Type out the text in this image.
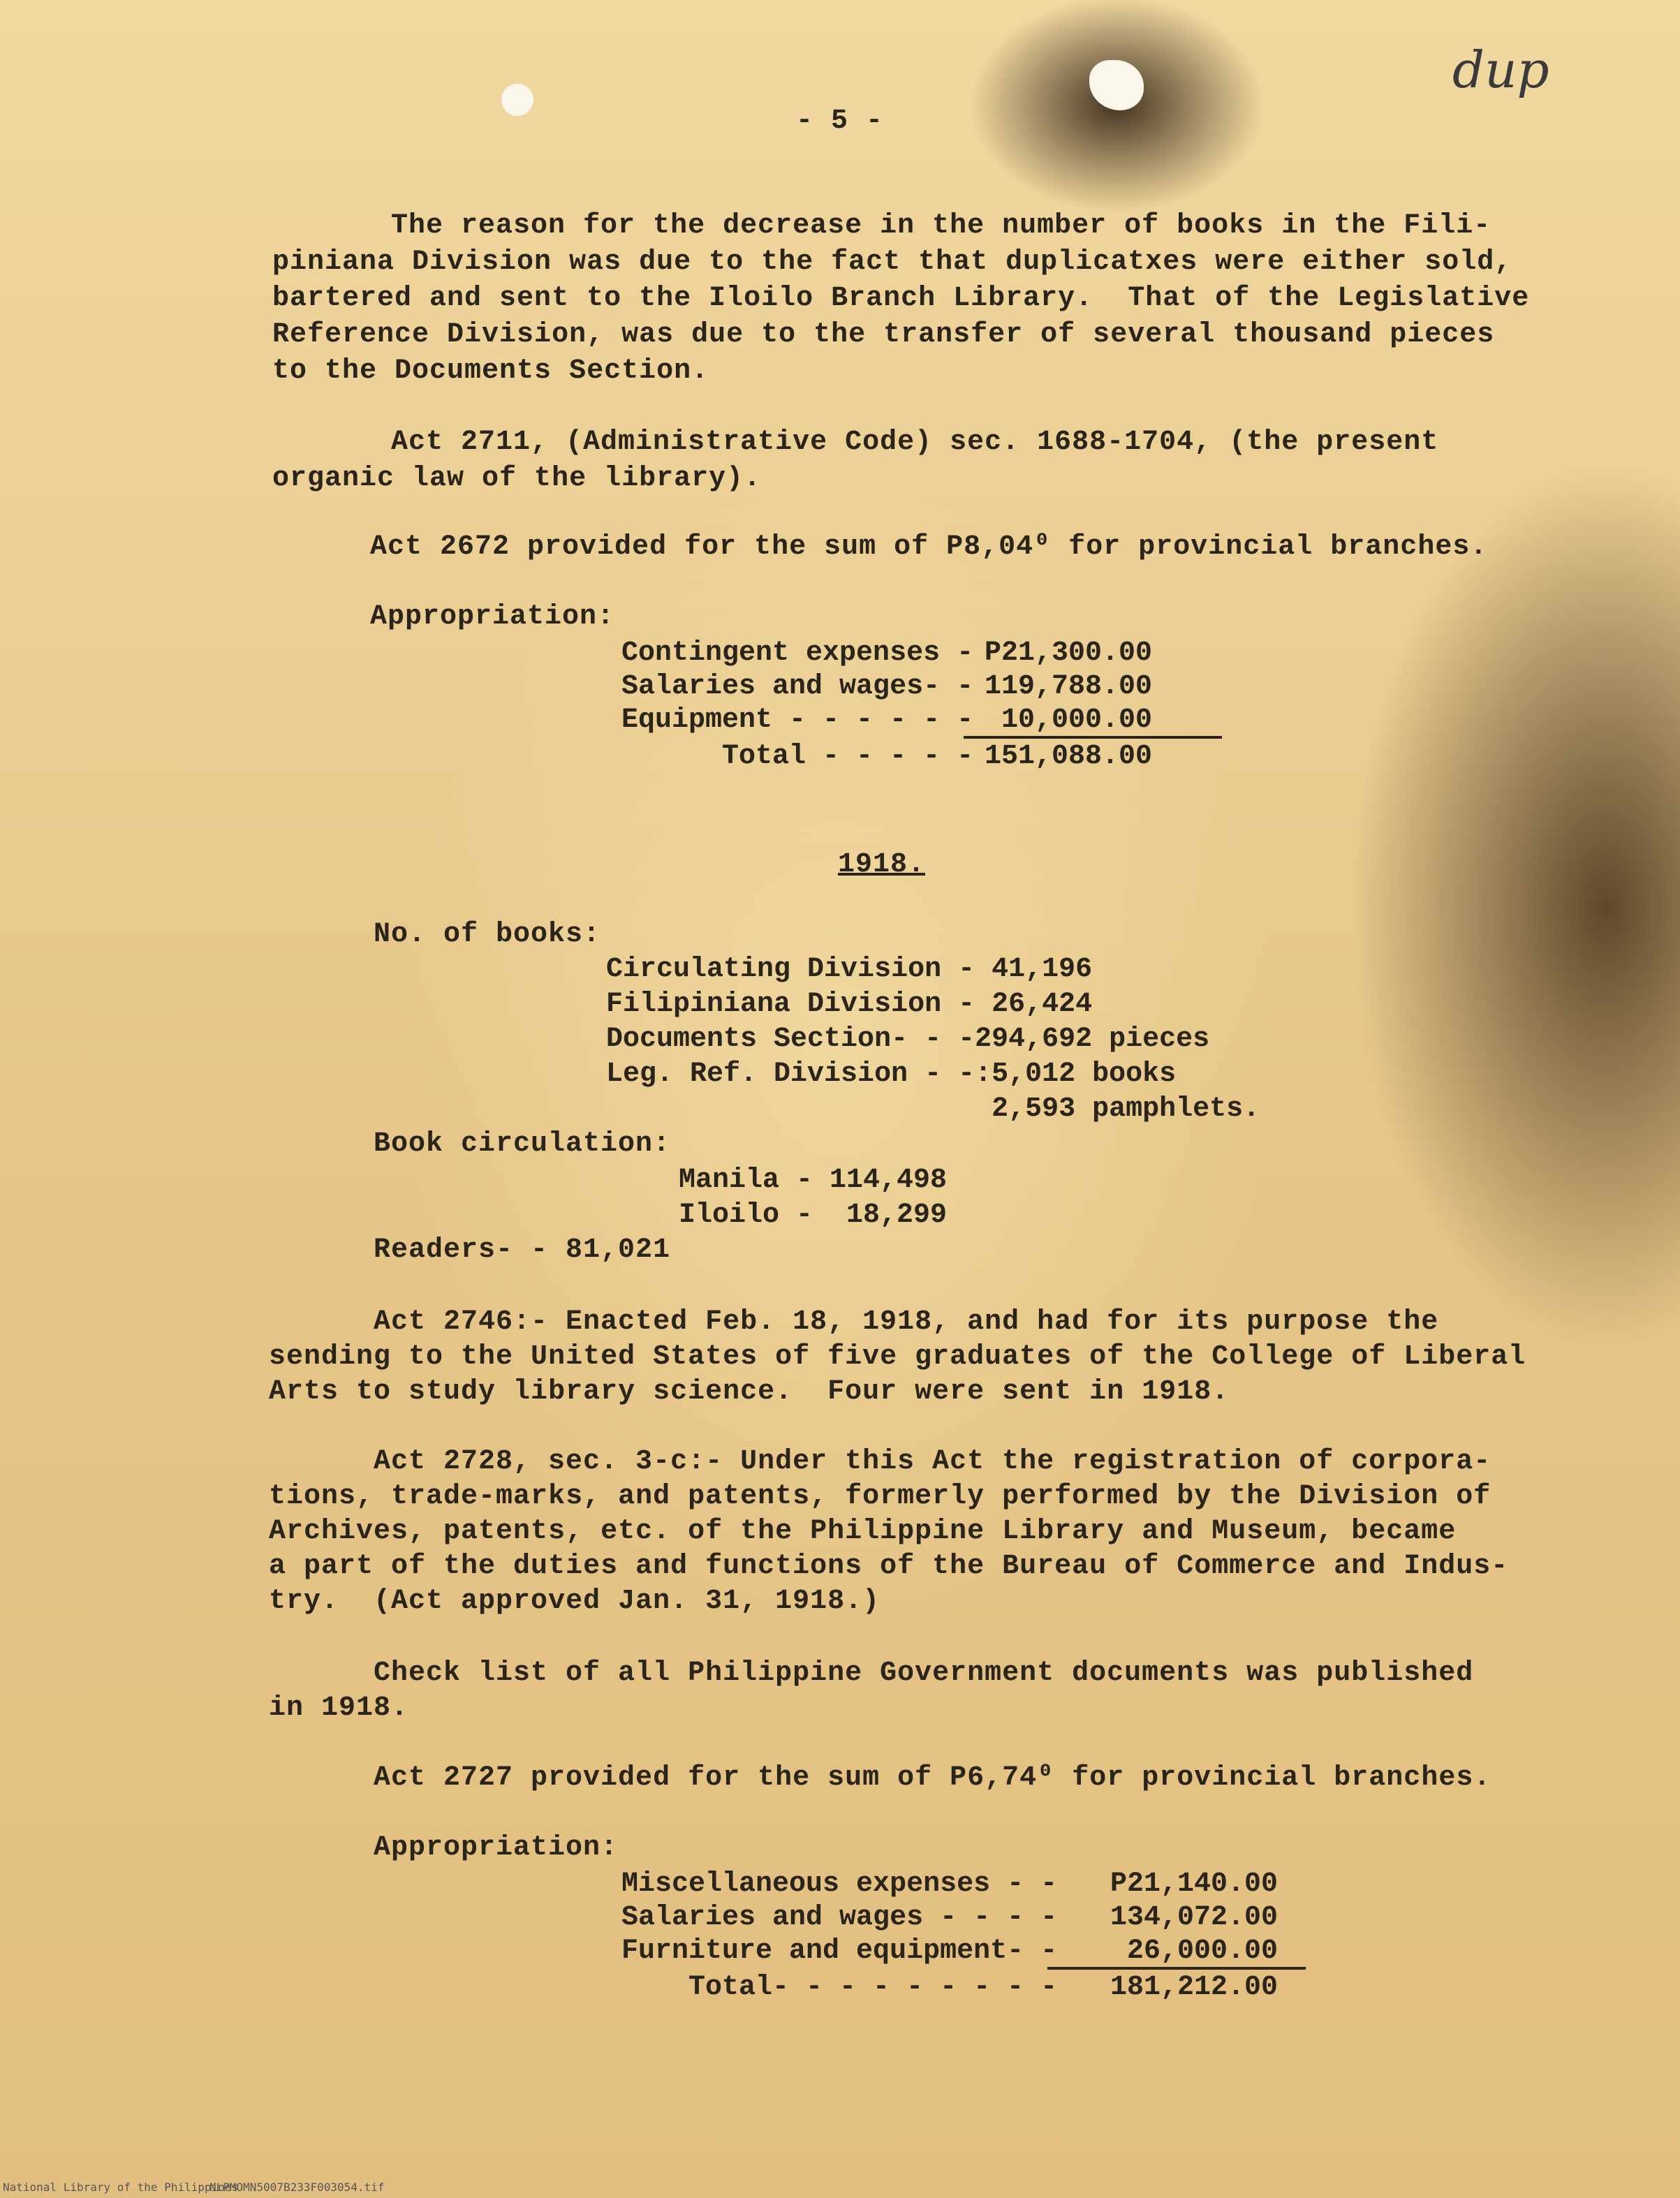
dup
- 5 -
The reason for the decrease in the number of books in the Fili-
piniana Division was due to the fact that duplicatxes were either sold,
bartered and sent to the Iloilo Branch Library.  That of the Legislative
Reference Division, was due to the transfer of several thousand pieces
to the Documents Section.
Act 2711, (Administrative Code) sec. 1688-1704, (the present
organic law of the library).
Act 2672 provided for the sum of P8,04⁰ for provincial branches.
Appropriation:
Contingent expenses -
P21,300.00
Salaries and wages- -
119,788.00
Equipment - - - - - - 10,000.00
Total - - - - -
151,088.00
1918.
No. of books:
Circulating Division - 41,196
Filipiniana Division - 26,424
Documents Section- - -294,692 pieces
Leg. Ref. Division - -:5,012 books
2,593 pamphlets.
Book circulation:
Manila - 114,498
Iloilo -  18,299
Readers- - 81,021
Act 2746:- Enacted Feb. 18, 1918, and had for its purpose the
sending to the United States of five graduates of the College of Liberal
Arts to study library science.  Four were sent in 1918.
Act 2728, sec. 3-c:- Under this Act the registration of corpora-
tions, trade-marks, and patents, formerly performed by the Division of
Archives, patents, etc. of the Philippine Library and Museum, became
a part of the duties and functions of the Bureau of Commerce and Indus-
try.  (Act approved Jan. 31, 1918.)
Check list of all Philippine Government documents was published
in 1918.
Act 2727 provided for the sum of P6,74⁰ for provincial branches.
Appropriation:
Miscellaneous expenses - - P21,140.00
Salaries and wages - - - - 134,072.00
Furniture and equipment- - 26,000.00
Total- - - - - - - - - 181,212.00
National Library of the Philippines
NLPMOMN5007B233F003054.tif
